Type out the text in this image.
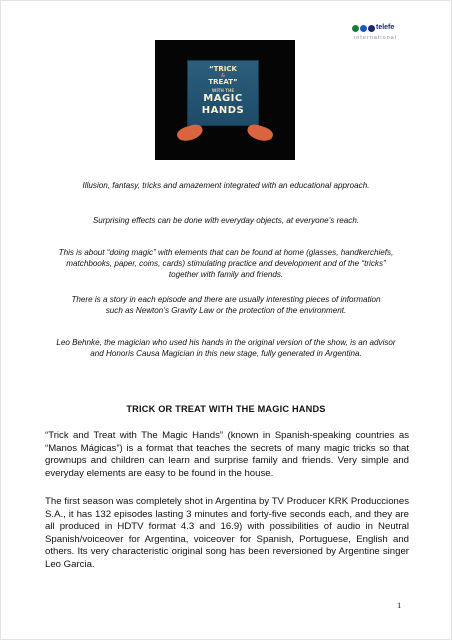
telefe
international
“TRICK
&
TREAT”
WITH THE
MAGIC
HANDS

Illusion, fantasy, tricks and amazement integrated with an educational approach.

Surprising effects can be done with everyday objects, at everyone’s reach.

This is about “doing magic” with elements that can be found at home (glasses, handkerchiefs, matchbooks, paper, coins, cards) stimulating practice and development and of the “tricks” together with family and friends.

There is a story in each episode and there are usually interesting pieces of information such as Newton’s Gravity Law or the protection of the environment.

Leo Behnke, the magician who used his hands in the original version of the show, is an advisor and Honoris Causa Magician in this new stage, fully generated in Argentina.

TRICK OR TREAT WITH THE MAGIC HANDS

“Trick and Treat with The Magic Hands” (known in Spanish-speaking countries as “Manos Mágicas”) is a format that teaches the secrets of many magic tricks so that grownups and children can learn and surprise family and friends. Very simple and everyday elements are easy to be found in the house.

The first season was completely shot in Argentina by TV Producer KRK Producciones S.A., it has 132 episodes lasting 3 minutes and forty-five seconds each, and they are all produced in HDTV format 4.3 and 16.9) with possibilities of audio in Neutral Spanish/voiceover for Argentina, voiceover for Spanish, Portuguese, English and others. Its very characteristic original song has been reversioned by Argentine singer Leo Garcia.

1
